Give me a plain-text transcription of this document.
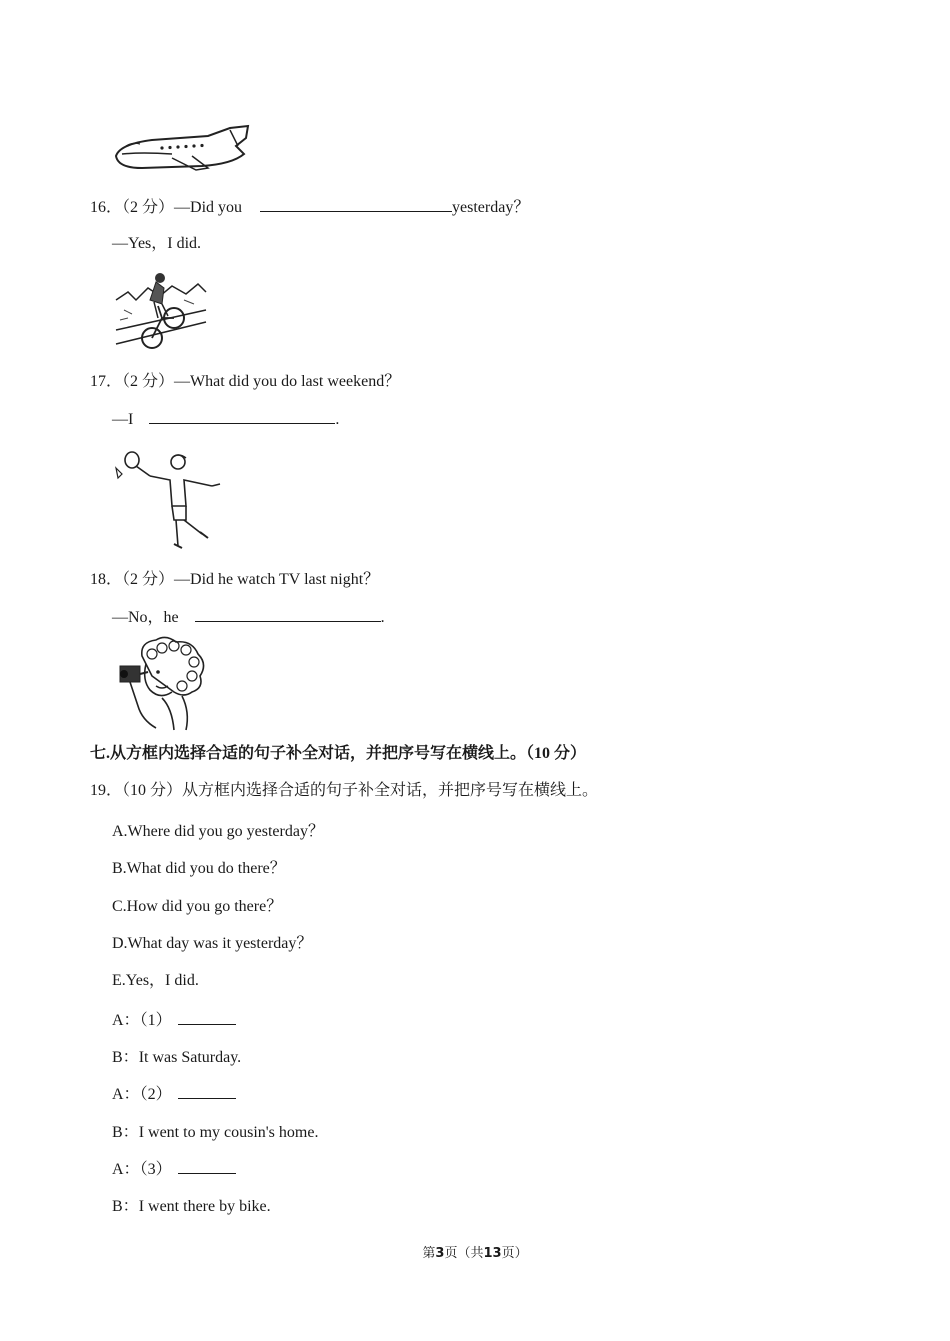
16．（2 分）—Did you	yesterday？
—Yes，I did.
17．（2 分）—What did you do last weekend？
—I	.
18．（2 分）—Did he watch TV last night？
—No，he	.
七.从方框内选择合适的句子补全对话，并把序号写在横线上。（10 分）
19．（10 分）从方框内选择合适的句子补全对话，并把序号写在横线上。
A.Where did you go yesterday？
B.What did you do there？
C.How did you go there？
D.What day was it yesterday？
E.Yes，I did.
A：（1）
B：It was Saturday.
A：（2）
B：I went to my cousin's home.
A：（3）
B：I went there by bike.
第3页（共13页）
